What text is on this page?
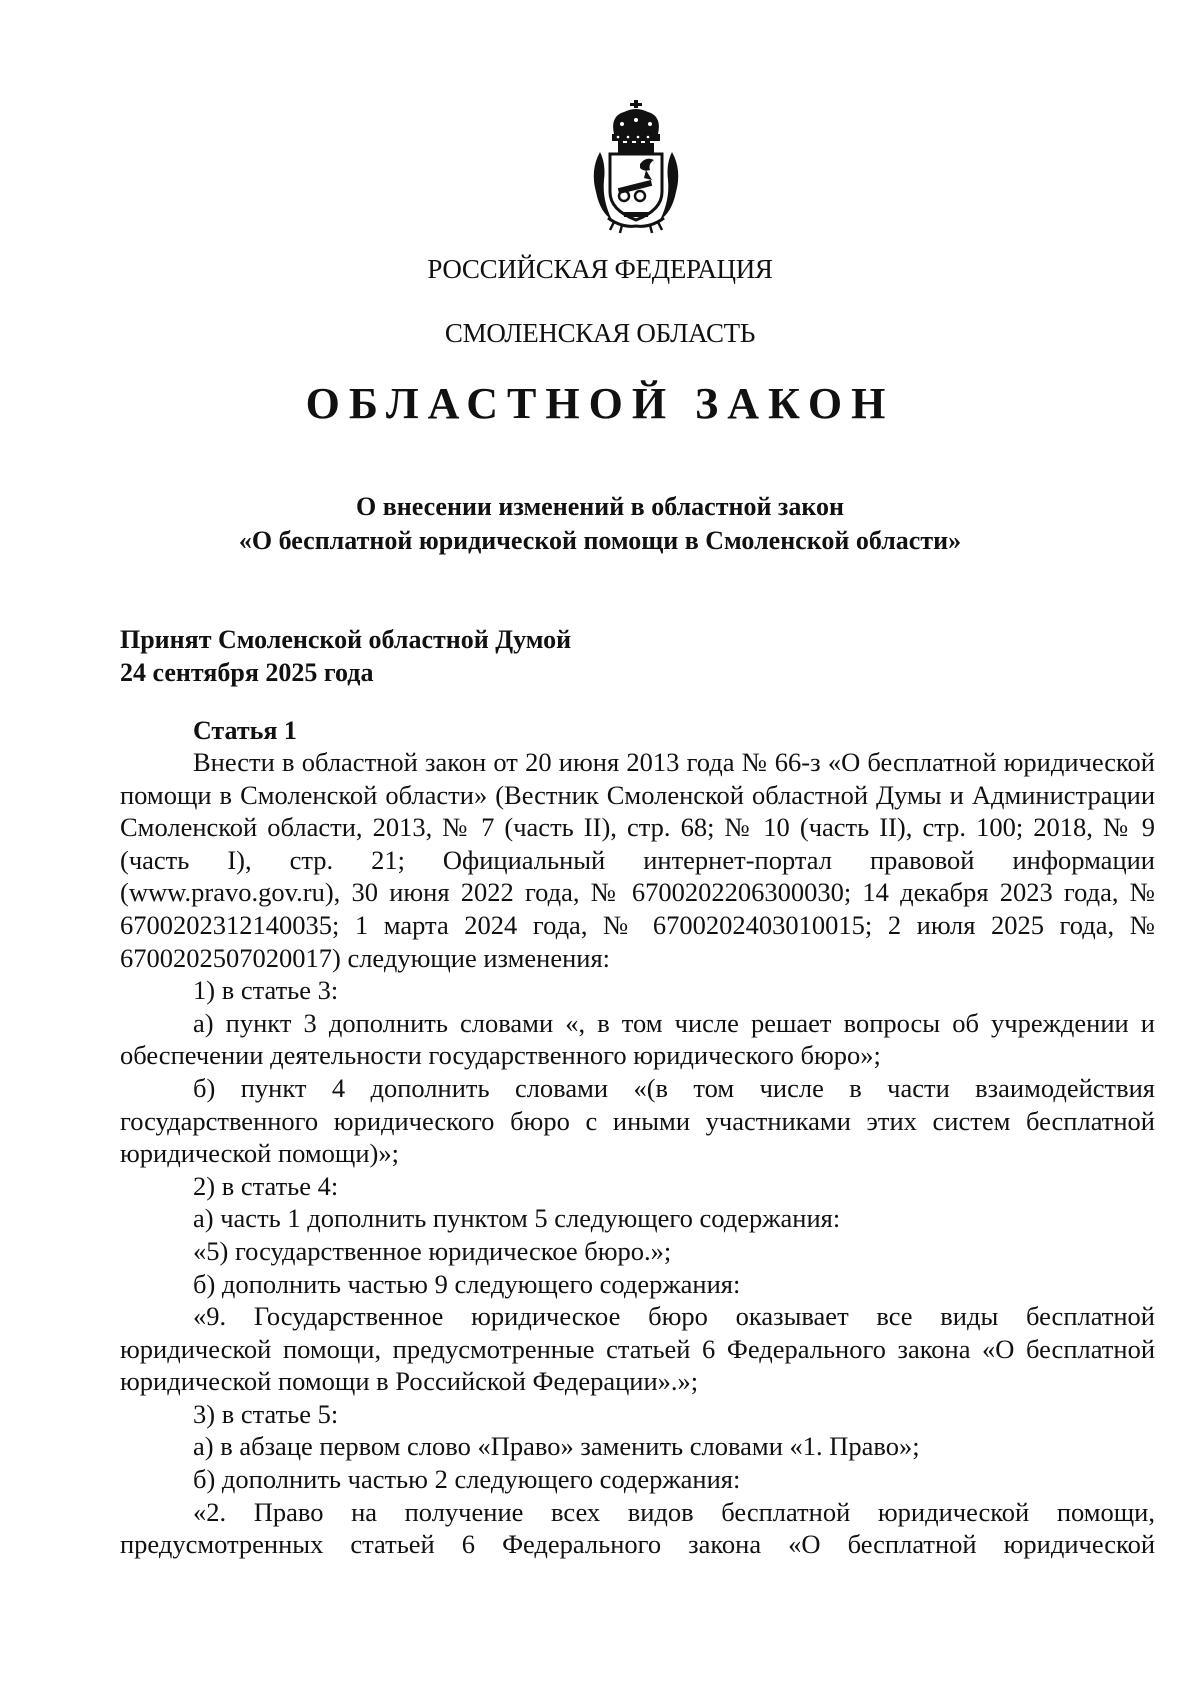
РОССИЙСКАЯ ФЕДЕРАЦИЯ
СМОЛЕНСКАЯ ОБЛАСТЬ
ОБЛАСТНОЙ ЗАКОН
О внесении изменений в областной закон
«О бесплатной юридической помощи в Смоленской области»
Принят Смоленской областной Думой
24 сентября 2025 года
Статья 1

Внести в областной закон от 20 июня 2013 года № 66-з «О бесплатной юридической помощи в Смоленской области» (Вестник Смоленской областной Думы и Администрации Смоленской области, 2013, № 7 (часть II), стр. 68; № 10 (часть II), стр. 100; 2018, № 9 (часть I), стр. 21; Официальный интернет-портал правовой информации (www.pravo.gov.ru), 30 июня 2022 года, № 6700202206300030; 14 декабря 2023 года, № 6700202312140035; 1 марта 2024 года, № 6700202403010015; 2 июля 2025 года, № 6700202507020017) следующие изменения:

1) в статье 3:

а) пункт 3 дополнить словами «, в том числе решает вопросы об учреждении и обеспечении деятельности государственного юридического бюро»;

б) пункт 4 дополнить словами «(в том числе в части взаимодействия государственного юридического бюро с иными участниками этих систем бесплатной юридической помощи)»;

2) в статье 4:

а) часть 1 дополнить пунктом 5 следующего содержания:

«5) государственное юридическое бюро.»;

б) дополнить частью 9 следующего содержания:

«9. Государственное юридическое бюро оказывает все виды бесплатной юридической помощи, предусмотренные статьей 6 Федерального закона «О бесплатной юридической помощи в Российской Федерации».»;

3) в статье 5:

а) в абзаце первом слово «Право» заменить словами «1. Право»;

б) дополнить частью 2 следующего содержания:

«2. Право на получение всех видов бесплатной юридической помощи, предусмотренных статьей 6 Федерального закона «О бесплатной юридической
